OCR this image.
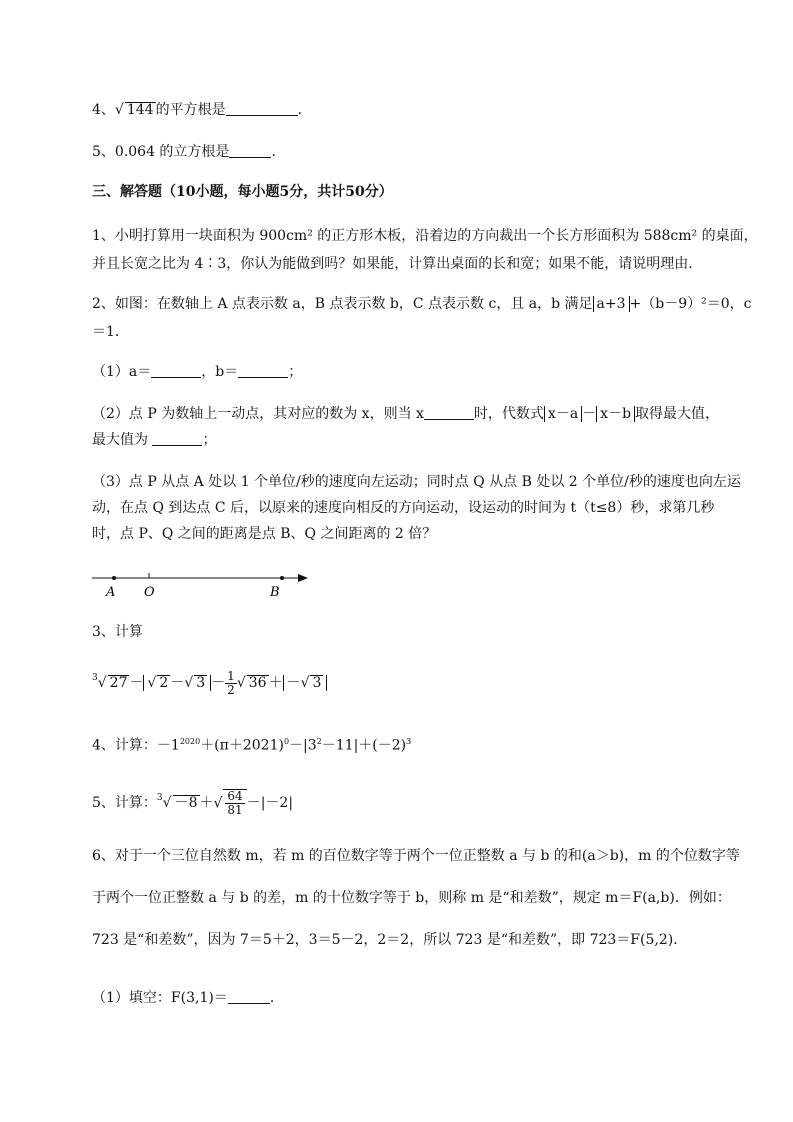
4、√ 144 的平方根是	．
5、0.064 的立方根是	．
三、解答题（10小题，每小题5分，共计50分）
1、小明打算用一块面积为 900cm² 的正方形木板，沿着边的方向裁出一个长方形面积为 588cm² 的桌面，
并且长宽之比为 4∶3，你认为能做到吗？如果能，计算出桌面的长和宽；如果不能，请说明理由．
2、如图：在数轴上 A 点表示数 a，B 点表示数 b，C 点表示数 c，且 a，b 满足 a+3 +（b－9）²＝0，c
＝1．
（1）a＝	，b＝	；
（2）点 P 为数轴上一动点，其对应的数为 x，则当 x	时，代数式 x－a － x－b 取得最大值，
最大值为	；
（3）点 P 从点 A 处以 1 个单位/秒的速度向左运动；同时点 Q 从点 B 处以 2 个单位/秒的速度也向左运
动，在点 Q 到达点 C 后，以原来的速度向相反的方向运动，设运动的时间为 t（t≤8）秒，求第几秒
时，点 P、Q 之间的距离是点 B、Q 之间距离的 2 倍？
A O	B
3、计算
$^3$√ 27 － √ 2 －√ $3 - \frac{1}{2}$ √ 36 ＋ －√ 3
4、计算：$-1^{2020}+(\pi+2021)^0-|3^2-11|+(-2)^3$
5、计算：$^3$√ －8 ＋√ $\frac{64}{81} -|-2|$
6、对于一个三位自然数 m，若 m 的百位数字等于两个一位正整数 a 与 b 的和(a＞b)，m 的个位数字等
于两个一位正整数 a 与 b 的差，m 的十位数字等于 b，则称 m 是“和差数”，规定 m＝F(a,b)．例如：
723 是“和差数”，因为 7＝5＋2，3＝5－2，2＝2，所以 723 是“和差数”，即 723＝F(5,2)．
（1）填空：F(3,1)＝	．
